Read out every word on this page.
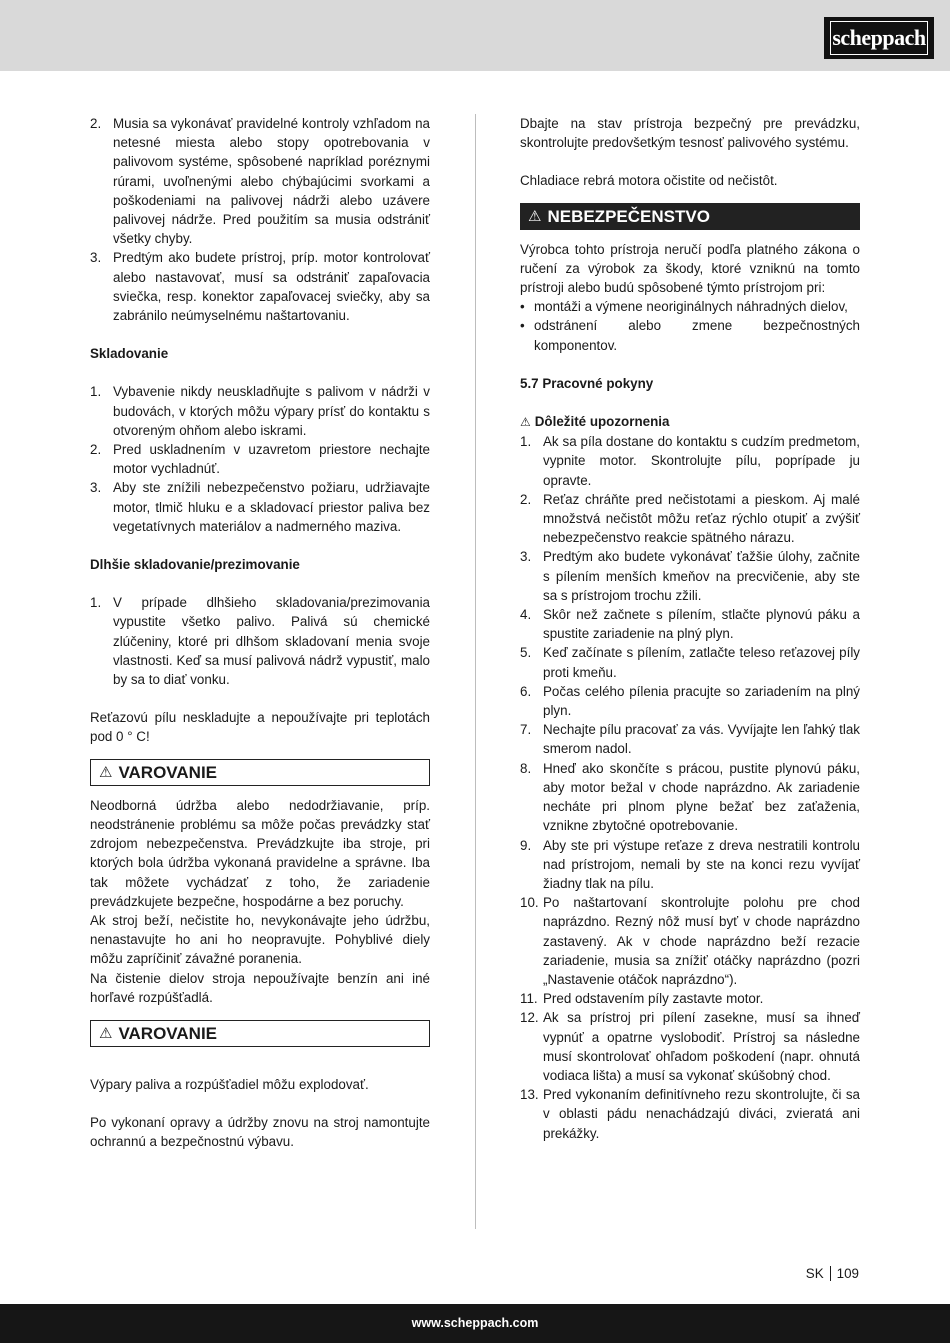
scheppach
2. Musia sa vykonávať pravidelné kontroly vzhľadom na netesné miesta alebo stopy opotrebovania v palivovom systéme, spôsobené napríklad poréznymi rúrami, uvoľnenými alebo chýbajúcimi svorkami a poškodeniami na palivovej nádrži alebo uzávere palivovej nádrže. Pred použitím sa musia odstrániť všetky chyby.
3. Predtým ako budete prístroj, príp. motor kontrolovať alebo nastavovať, musí sa odstrániť zapaľovacia sviečka, resp. konektor zapaľovacej sviečky, aby sa zabránilo neúmyselnému naštartovaniu.

Skladovanie

1. Vybavenie nikdy neuskladňujte s palivom v nádrži v budovách, v ktorých môžu výpary prísť do kontaktu s otvoreným ohňom alebo iskrami.
2. Pred uskladnením v uzavretom priestore nechajte motor vychladnúť.
3. Aby ste znížili nebezpečenstvo požiaru, udržiavajte motor, tlmič hluku e a skladovací priestor paliva bez vegetatívnych materiálov a nadmerného maziva.

Dlhšie skladovanie/prezimovanie

1. V prípade dlhšieho skladovania/prezimovania vypustite všetko palivo. Palivá sú chemické zlúčeniny, ktoré pri dlhšom skladovaní menia svoje vlastnosti. Keď sa musí palivová nádrž vypustiť, malo by sa to diať vonku.

Reťazovú pílu neskladujte a nepoužívajte pri teplotách pod 0 ° C!

⚠ VAROVANIE

Neodborná údržba alebo nedodržiavanie, príp. neodstránenie problému sa môže počas prevádzky stať zdrojom nebezpečenstva. Prevádzkujte iba stroje, pri ktorých bola údržba vykonaná pravidelne a správne. Iba tak môžete vychádzať z toho, že zariadenie prevádzkujete bezpečne, hospodárne a bez poruchy.

Ak stroj beží, nečistite ho, nevykonávajte jeho údržbu, nenastavujte ho ani ho neopravujte. Pohyblivé diely môžu zapríčiniť závažné poranenia.

Na čistenie dielov stroja nepoužívajte benzín ani iné horľavé rozpúšťadlá.

⚠ VAROVANIE

Výpary paliva a rozpúšťadiel môžu explodovať.

Po vykonaní opravy a údržby znovu na stroj namontujte ochrannú a bezpečnostnú výbavu.

Dbajte na stav prístroja bezpečný pre prevádzku, skontrolujte predovšetkým tesnosť palivového systému.

Chladiace rebrá motora očistite od nečistôt.

⚠ NEBEZPEČENSTVO

Výrobca tohto prístroja neručí podľa platného zákona o ručení za výrobok za škody, ktoré vzniknú na tomto prístroji alebo budú spôsobené týmto prístrojom pri:

• montáži a výmene neoriginálnych náhradných dielov,
• odstránení alebo zmene bezpečnostných komponentov.

5.7 Pracovné pokyny

⚠ Dôležité upozornenia

1. Ak sa píla dostane do kontaktu s cudzím predmetom, vypnite motor. Skontrolujte pílu, poprípade ju opravte.
2. Reťaz chráňte pred nečistotami a pieskom. Aj malé množstvá nečistôt môžu reťaz rýchlo otupiť a zvýšiť nebezpečenstvo reakcie spätného nárazu.
3. Predtým ako budete vykonávať ťažšie úlohy, začnite s pílením menších kmeňov na precvičenie, aby ste sa s prístrojom trochu zžili.
4. Skôr než začnete s pílením, stlačte plynovú páku a spustite zariadenie na plný plyn.
5. Keď začínate s pílením, zatlačte teleso reťazovej píly proti kmeňu.
6. Počas celého pílenia pracujte so zariadením na plný plyn.
7. Nechajte pílu pracovať za vás. Vyvíjajte len ľahký tlak smerom nadol.
8. Hneď ako skončíte s prácou, pustite plynovú páku, aby motor bežal v chode naprázdno. Ak zariadenie necháte pri plnom plyne bežať bez zaťaženia, vznikne zbytočné opotrebovanie.
9. Aby ste pri výstupe reťaze z dreva nestratili kontrolu nad prístrojom, nemali by ste na konci rezu vyvíjať žiadny tlak na pílu.
10. Po naštartovaní skontrolujte polohu pre chod naprázdno. Rezný nôž musí byť v chode naprázdno zastavený. Ak v chode naprázdno beží rezacie zariadenie, musia sa znížiť otáčky naprázdno (pozri „Nastavenie otáčok naprázdno“).
11. Pred odstavením píly zastavte motor.
12. Ak sa prístroj pri pílení zasekne, musí sa ihneď vypnúť a opatrne vyslobodiť. Prístroj sa následne musí skontrolovať ohľadom poškodení (napr. ohnutá vodiaca lišta) a musí sa vykonať skúšobný chod.
13. Pred vykonaním definitívneho rezu skontrolujte, či sa v oblasti pádu nenachádzajú diváci, zvieratá ani prekážky.
SK 109
www.scheppach.com
